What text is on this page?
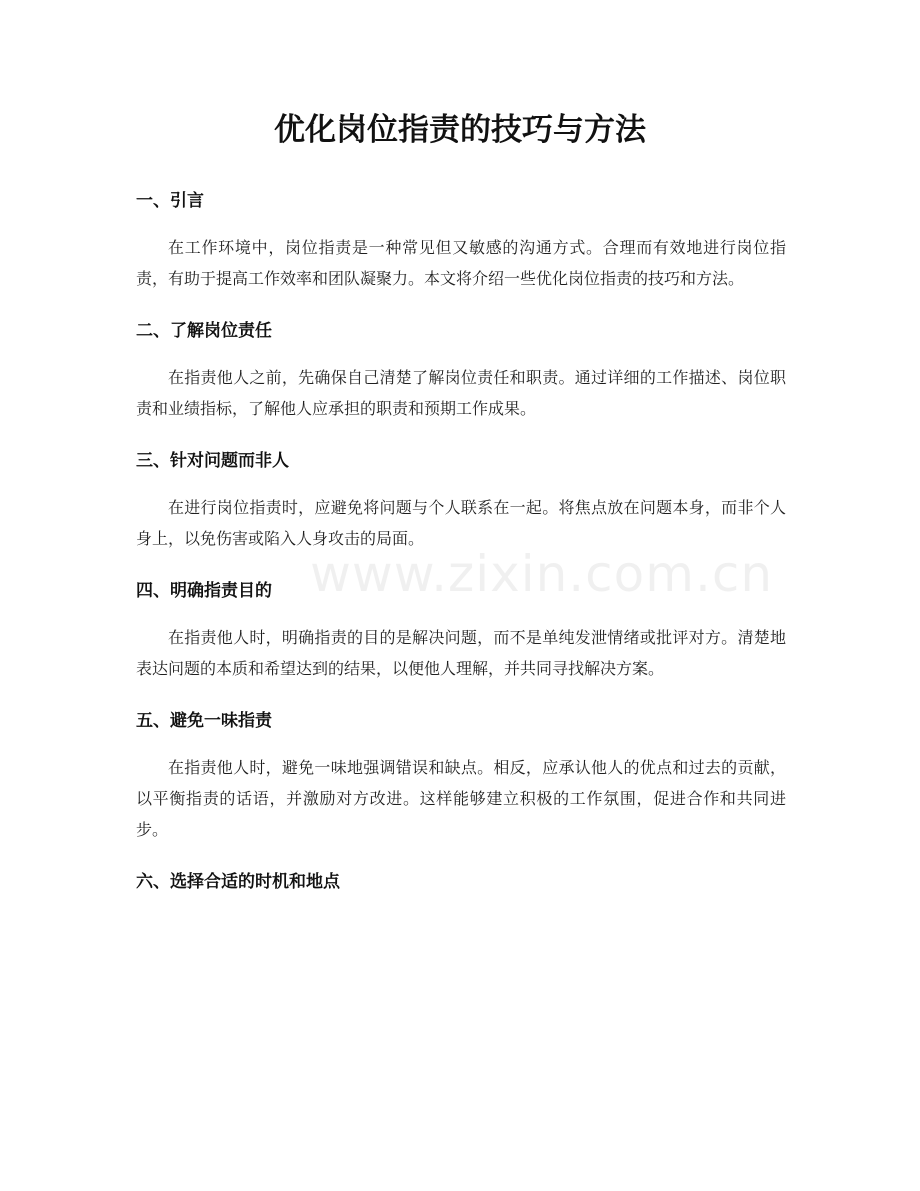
优化岗位指责的技巧与方法
一、引言

在工作环境中，岗位指责是一种常见但又敏感的沟通方式。合理而有效地进行岗位指责，有助于提高工作效率和团队凝聚力。本文将介绍一些优化岗位指责的技巧和方法。

二、了解岗位责任

在指责他人之前，先确保自己清楚了解岗位责任和职责。通过详细的工作描述、岗位职责和业绩指标，了解他人应承担的职责和预期工作成果。

三、针对问题而非人

在进行岗位指责时，应避免将问题与个人联系在一起。将焦点放在问题本身，而非个人身上，以免伤害或陷入人身攻击的局面。

四、明确指责目的

在指责他人时，明确指责的目的是解决问题，而不是单纯发泄情绪或批评对方。清楚地表达问题的本质和希望达到的结果，以便他人理解，并共同寻找解决方案。

五、避免一味指责

在指责他人时，避免一味地强调错误和缺点。相反，应承认他人的优点和过去的贡献，以平衡指责的话语，并激励对方改进。这样能够建立积极的工作氛围，促进合作和共同进步。

六、选择合适的时机和地点
www.zixin.com.cn
